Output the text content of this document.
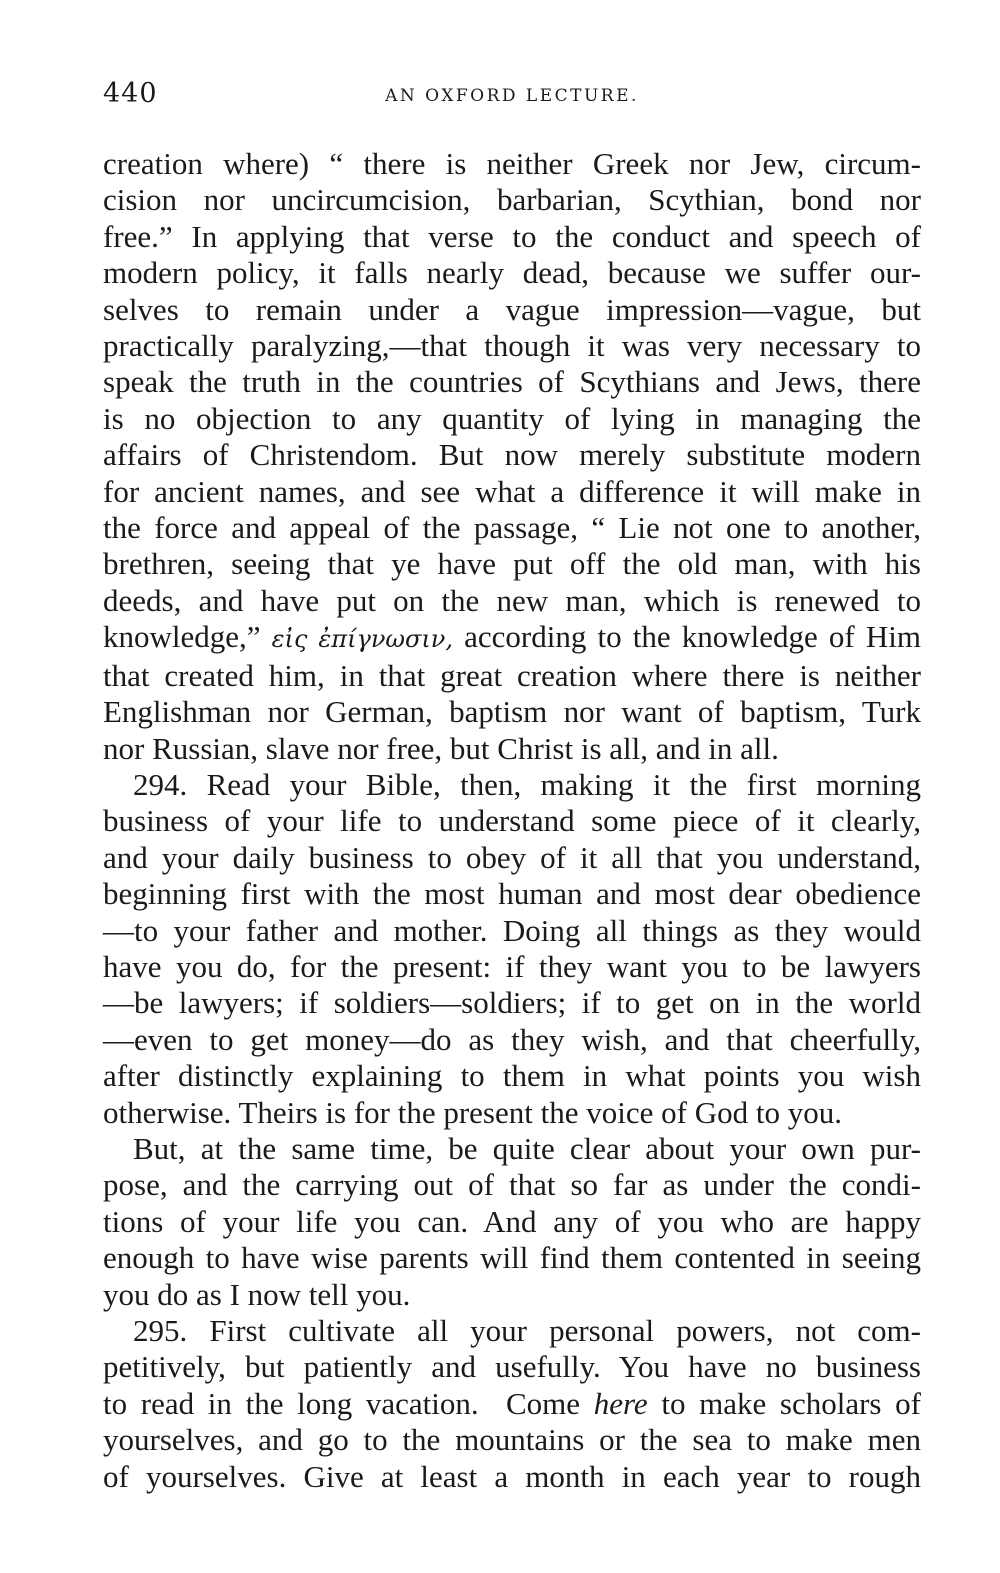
440	AN OXFORD LECTURE.

creation where) “ there is neither Greek nor Jew, circum-

cision nor uncircumcision, barbarian, Scythian, bond nor

free.” In applying that verse to the conduct and speech of

modern policy, it falls nearly dead, because we suffer our-

selves to remain under a vague impression—vague, but

practically paralyzing,—that though it was very necessary to

speak the truth in the countries of Scythians and Jews, there

is no objection to any quantity of lying in managing the

affairs of Christendom. But now merely substitute modern

for ancient names, and see what a difference it will make in

the force and appeal of the passage, “ Lie not one to another,

brethren, seeing that ye have put off the old man, with his

deeds, and have put on the new man, which is renewed to

knowledge,” εἰς ἐπίγνωσιν, according to the knowledge of Him

that created him, in that great creation where there is neither

Englishman nor German, baptism nor want of baptism, Turk

nor Russian, slave nor free, but Christ is all, and in all.

294. Read your Bible, then, making it the first morning

business of your life to understand some piece of it clearly,

and your daily business to obey of it all that you understand,

beginning first with the most human and most dear obedience

—to your father and mother. Doing all things as they would

have you do, for the present: if they want you to be lawyers

—be lawyers; if soldiers—soldiers; if to get on in the world

—even to get money—do as they wish, and that cheerfully,

after distinctly explaining to them in what points you wish

otherwise. Theirs is for the present the voice of God to you.

But, at the same time, be quite clear about your own pur-

pose, and the carrying out of that so far as under the condi-

tions of your life you can. And any of you who are happy

enough to have wise parents will find them contented in seeing

you do as I now tell you.

295. First cultivate all your personal powers, not com-

petitively, but patiently and usefully. You have no business

to read in the long vacation. Come here to make scholars of

yourselves, and go to the mountains or the sea to make men

of yourselves. Give at least a month in each year to rough
